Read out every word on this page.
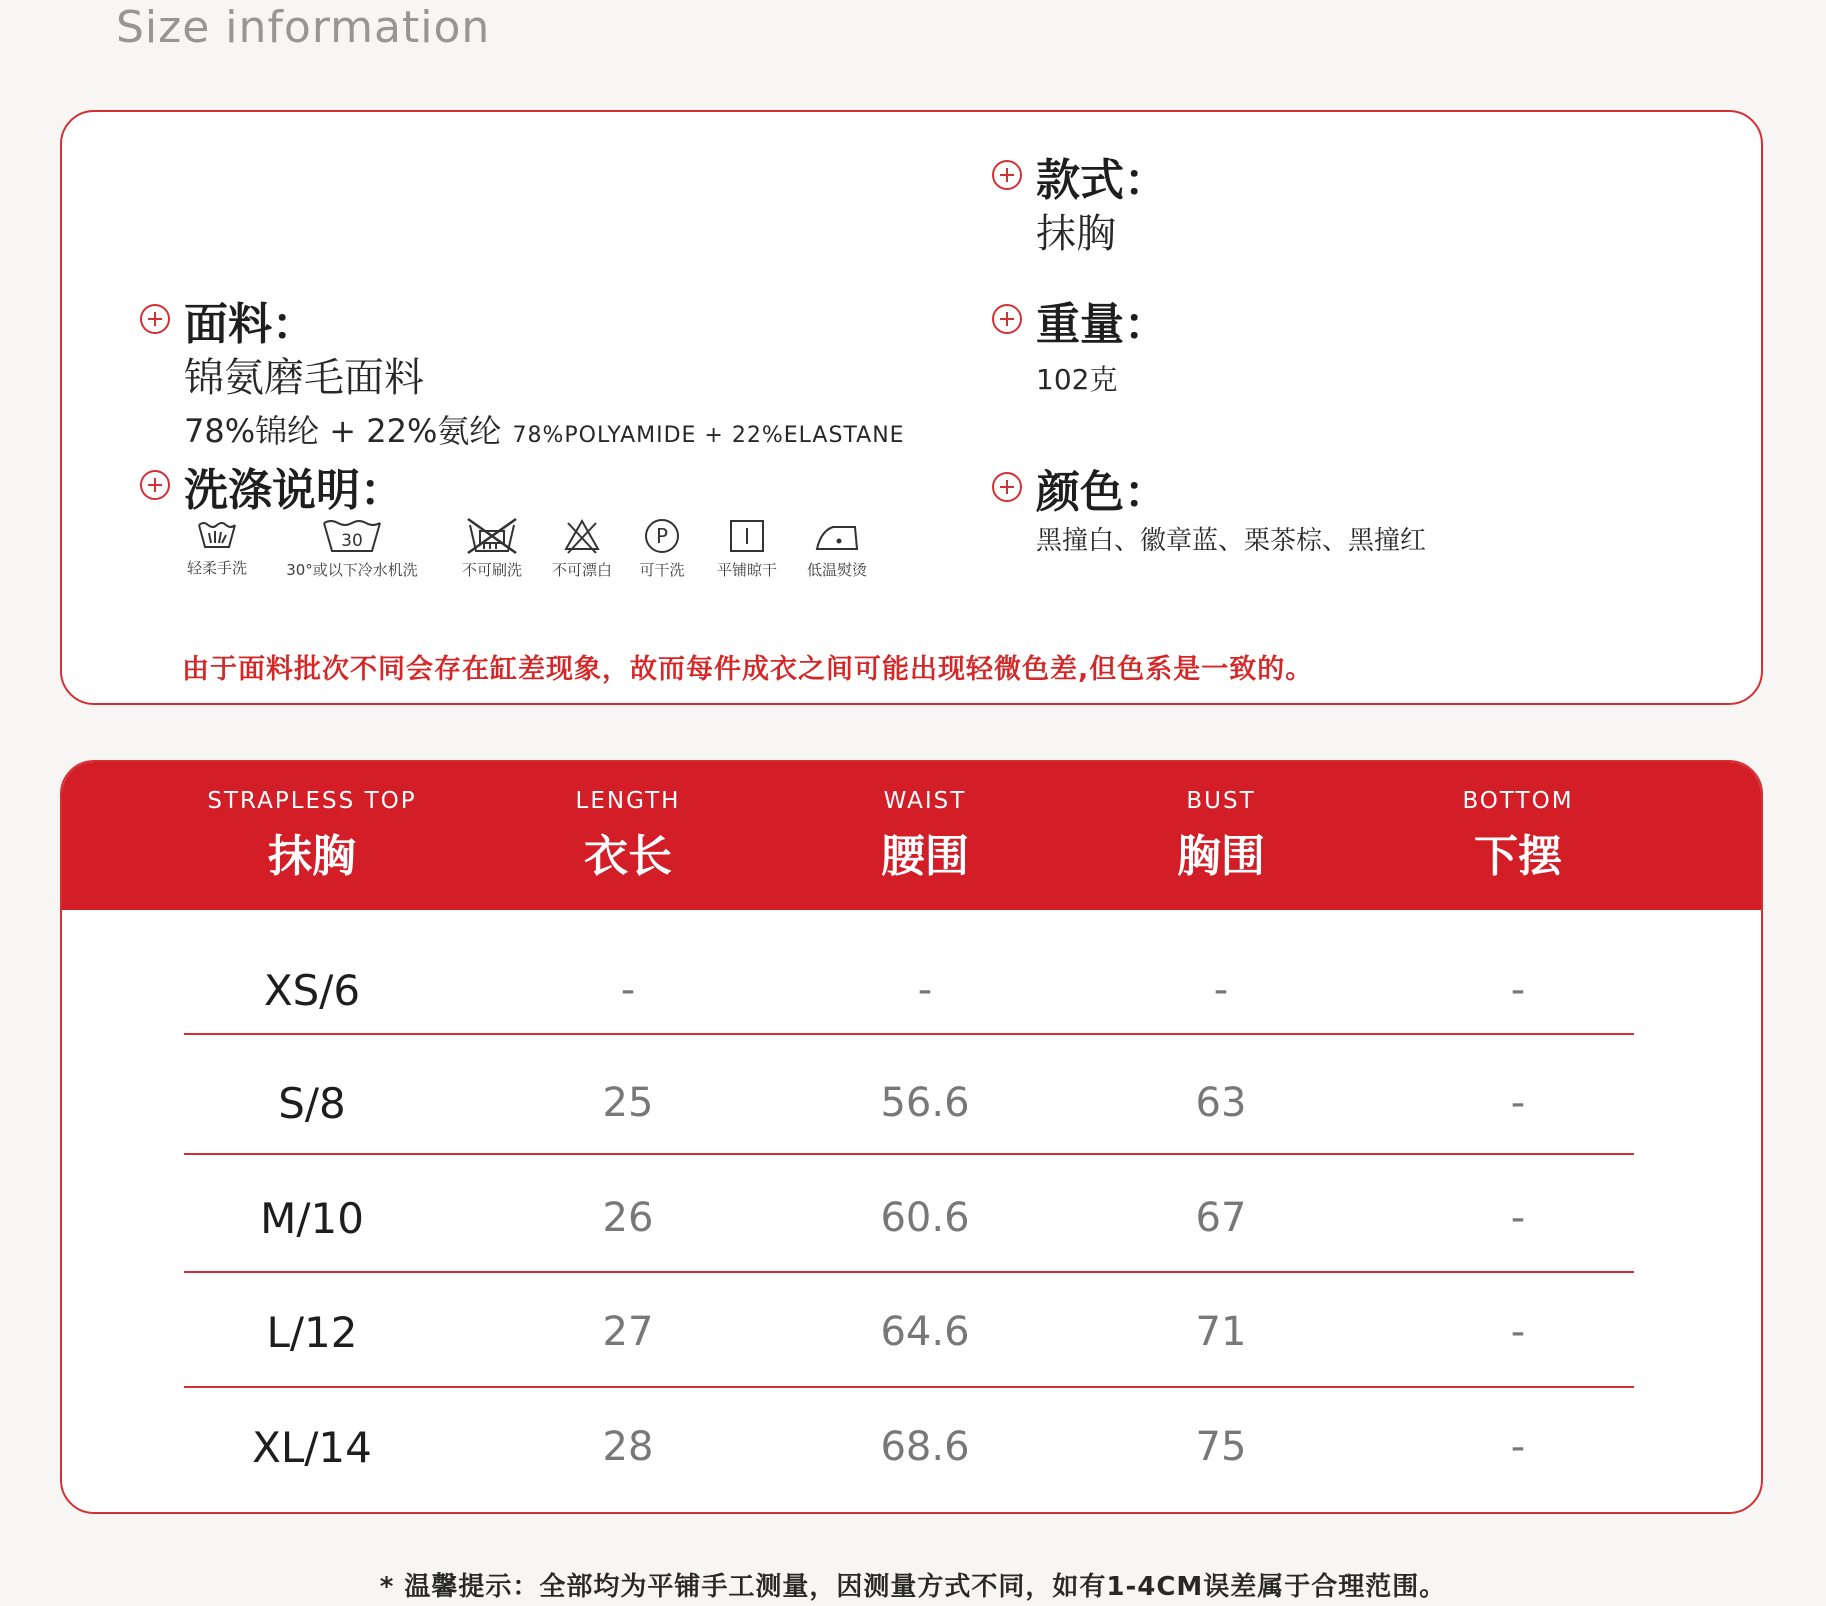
Size information
款式：
抹胸
面料：
锦氨磨毛面料
78%锦纶 + 22%氨纶 78%POLYAMIDE + 22%ELASTANE
重量：
102克
洗涤说明：
轻柔手洗
30
30°或以下冷水机洗	不可刷洗	不可漂白
P
可干洗	平铺晾干	低温熨烫
颜色：
黑撞白、徽章蓝、栗茶棕、黑撞红
由于面料批次不同会存在缸差现象，故而每件成衣之间可能出现轻微色差,但色系是一致的。
STRAPLESS TOP
抹胸
LENGTH
衣长
WAIST
腰围
BUST
胸围
BOTTOM
下摆
XS/6	-	-	-	-
S/8	25	56.6	63	-
M/10	26	60.6	67	-
L/12	27	64.6	71	-
XL/14	28	68.6	75	-
* 温馨提示：全部均为平铺手工测量，因测量方式不同，如有1-4CM误差属于合理范围。
